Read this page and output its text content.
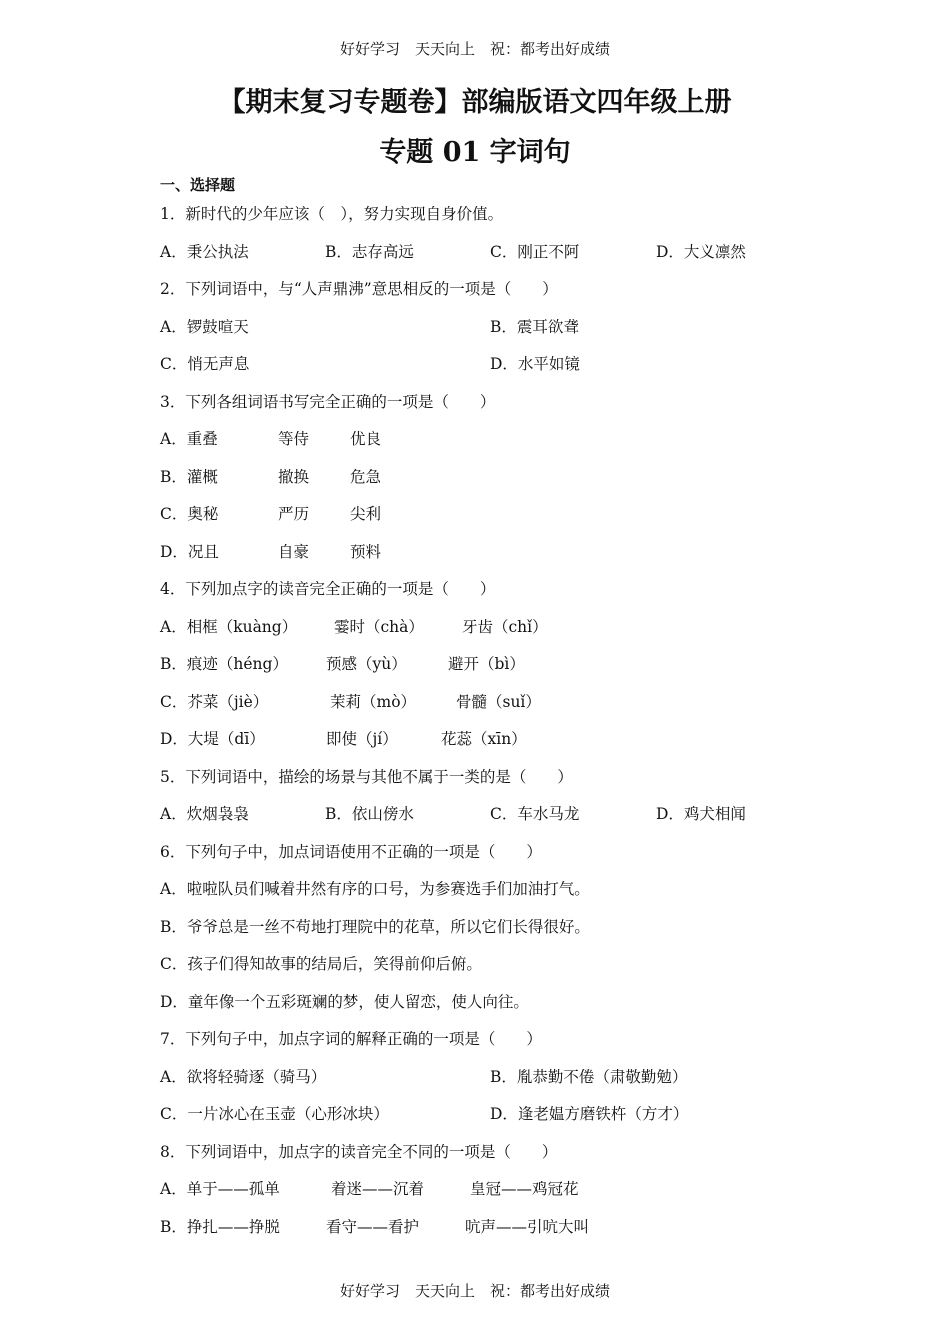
好好学习　天天向上　祝：都考出好成绩
【期末复习专题卷】部编版语文四年级上册
专题 01 字词句
一、选择题
1．新时代的少年应该（　），努力实现自身价值。
A．秉公执法	B．志存高远	C．刚正不阿	D．大义凛然
2．下列词语中，与“人声鼎沸”意思相反的一项是（　　）
A．锣鼓喧天	B．震耳欲聋
C．悄无声息	D．水平如镜
3．下列各组词语书写完全正确的一项是（　　）
A．重叠	等侍	优良
B．灌概	撤换	危急
C．奥秘	严历	尖利
D．况且	自豪	预料
4．下列加点字的读音完全正确的一项是（　　）
A．相框（kuàng） 霎时（chà） 牙齿（chǐ）
B．痕迹（héng） 预感（yù）	避开（bì）
C．芥菜（jiè）	茉莉（mò）	骨髓（suǐ）
D．大堤（dī）	即使（jí）	花蕊（xīn）
5．下列词语中，描绘的场景与其他不属于一类的是（　　）
A．炊烟袅袅	B．依山傍水	C．车水马龙	D．鸡犬相闻
6．下列句子中，加点词语使用不正确的一项是（　　）
A．啦啦队员们喊着井然有序的口号，为参赛选手们加油打气。
B．爷爷总是一丝不苟地打理院中的花草，所以它们长得很好。
C．孩子们得知故事的结局后，笑得前仰后俯。
D．童年像一个五彩斑斓的梦，使人留恋，使人向往。
7．下列句子中，加点字词的解释正确的一项是（　　）
A．欲将轻骑逐（骑马）	B．胤恭勤不倦（肃敬勤勉）
C．一片冰心在玉壶（心形冰块）	D．逢老媪方磨铁杵（方才）
8．下列词语中，加点字的读音完全不同的一项是（　　）
A．单于——孤单	着迷——沉着	皇冠——鸡冠花
B．挣扎——挣脱	看守——看护	吭声——引吭大叫
好好学习　天天向上　祝：都考出好成绩
